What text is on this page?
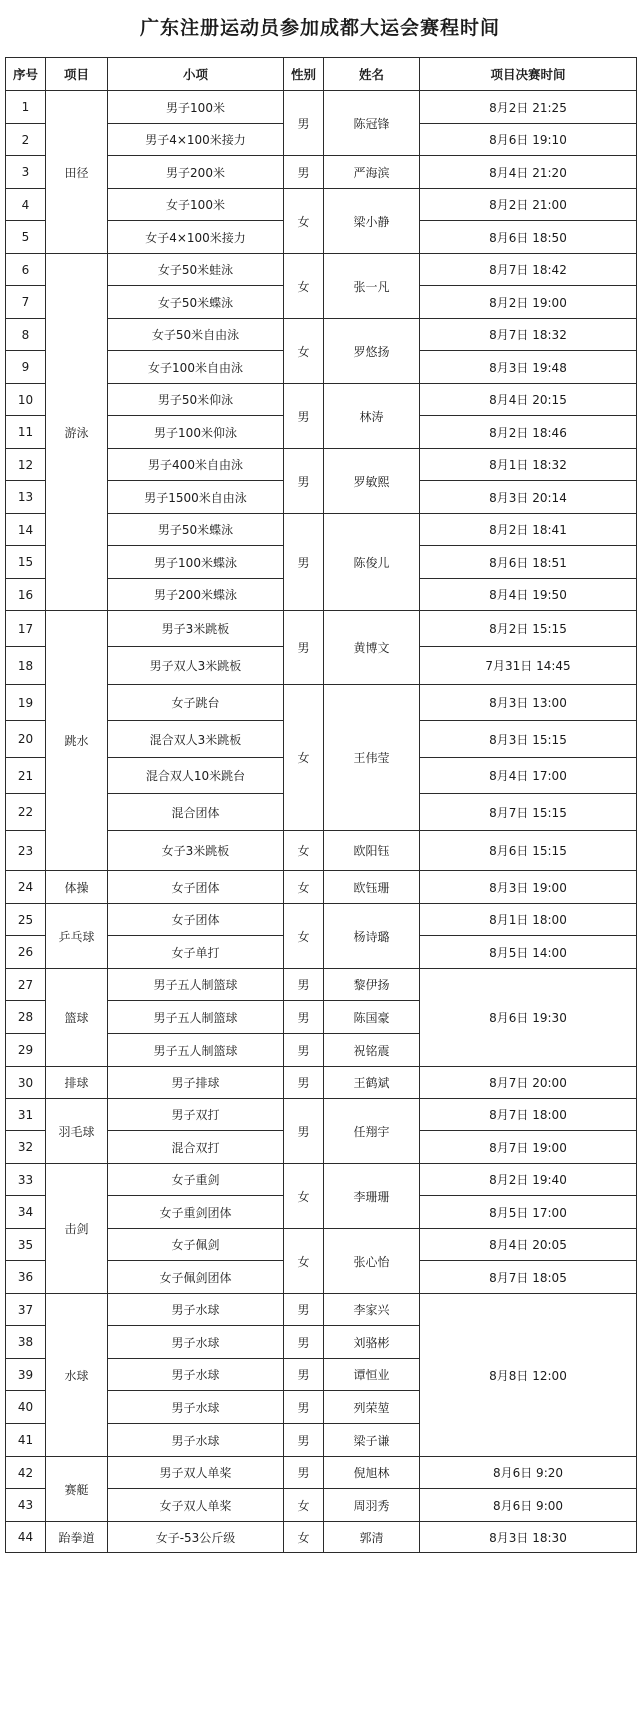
广东注册运动员参加成都大运会赛程时间
序号	项目	小项	性别	姓名	项目决赛时间
1	田径	男子100米	男	陈冠锋	8月2日 21:25
2		男子4×100米接力			8月6日 19:10
3		男子200米	男	严海滨	8月4日 21:20
4		女子100米	女	梁小静	8月2日 21:00
5		女子4×100米接力			8月6日 18:50
6	游泳	女子50米蛙泳	女	张一凡	8月7日 18:42
7		女子50米蝶泳			8月2日 19:00
8		女子50米自由泳	女	罗悠扬	8月7日 18:32
9		女子100米自由泳			8月3日 19:48
10		男子50米仰泳	男	林涛	8月4日 20:15
11		男子100米仰泳			8月2日 18:46
12		男子400米自由泳	男	罗敏熙	8月1日 18:32
13		男子1500米自由泳			8月3日 20:14
14		男子50米蝶泳	男	陈俊儿	8月2日 18:41
15		男子100米蝶泳			8月6日 18:51
16		男子200米蝶泳			8月4日 19:50
17	跳水	男子3米跳板	男	黄博文	8月2日 15:15
18		男子双人3米跳板			7月31日 14:45
19		女子跳台	女	王伟莹	8月3日 13:00
20		混合双人3米跳板			8月3日 15:15
21		混合双人10米跳台			8月4日 17:00
22		混合团体			8月7日 15:15
23		女子3米跳板	女	欧阳钰	8月6日 15:15
24	体操	女子团体	女	欧钰珊	8月3日 19:00
25	乒乓球	女子团体	女	杨诗璐	8月1日 18:00
26		女子单打			8月5日 14:00
27	篮球	男子五人制篮球	男	黎伊扬	8月6日 19:30
28		男子五人制篮球	男	陈国豪	
29		男子五人制篮球	男	祝铭震	
30	排球	男子排球	男	王鹤斌	8月7日 20:00
31	羽毛球	男子双打	男	任翔宇	8月7日 18:00
32		混合双打			8月7日 19:00
33	击剑	女子重剑	女	李珊珊	8月2日 19:40
34		女子重剑团体			8月5日 17:00
35		女子佩剑	女	张心怡	8月4日 20:05
36		女子佩剑团体			8月7日 18:05
37	水球	男子水球	男	李家兴	8月8日 12:00
38		男子水球	男	刘骆彬	
39		男子水球	男	谭恒业	
40		男子水球	男	列荣堃	
41		男子水球	男	梁子谦	
42	赛艇	男子双人单桨	男	倪旭林	8月6日 9:20
43		女子双人单桨	女	周羽秀	8月6日 9:00
44	跆拳道	女子-53公斤级	女	郭清	8月3日 18:30
